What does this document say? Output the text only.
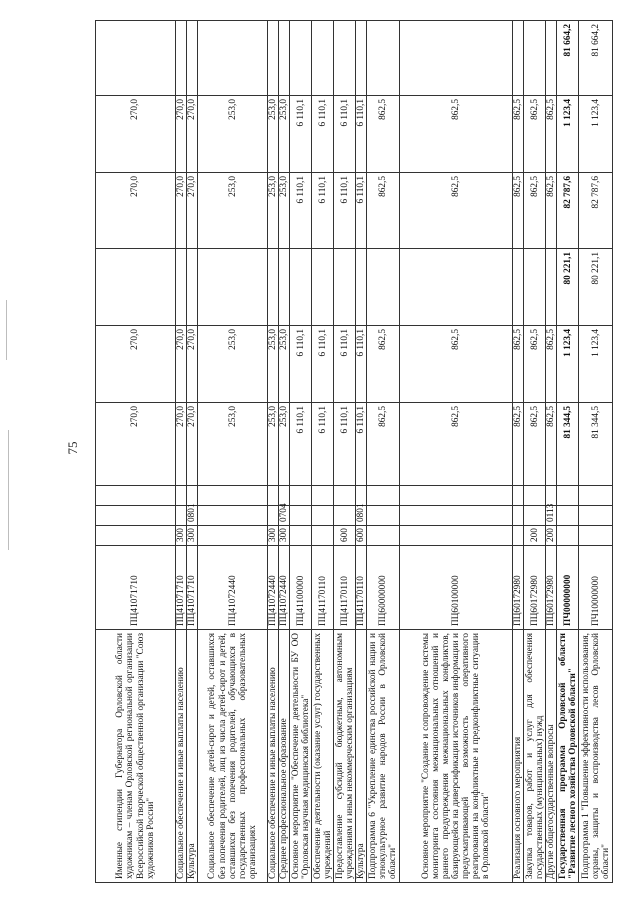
75
Именные стипендии Губернатора Орловской области художникам – членам Орловской региональной организации Всероссийской творческой общественной организации "Союз художников России"	ПЦ41071710				270,0	270,0		270,0	270,0	
Социальное обеспечение и иные выплаты населению	ПЦ41071710	300			270,0	270,0		270,0	270,0	
Культура	ПЦ41071710	300	0801		270,0	270,0		270,0	270,0	
Социальное обеспечение детей-сирот и детей, оставшихся без попечения родителей, лиц из числа детей-сирот и детей, оставшихся без попечения родителей, обучающихся в государственных профессиональных образовательных организациях	ПЦ41072440				253,0	253,0		253,0	253,0	
Социальное обеспечение и иные выплаты населению	ПЦ41072440	300			253,0	253,0		253,0	253,0	
Среднее профессиональное образование	ПЦ41072440	300	0704		253,0	253,0		253,0	253,0	
Основное мероприятие "Обеспечение деятельности БУ ОО "Орловская научная медицинская библиотека"	ПЦ41100000				6 110,1	6 110,1		6 110,1	6 110,1	
Обеспечение деятельности (оказание услуг) государственных учреждений	ПЦ41170110				6 110,1	6 110,1		6 110,1	6 110,1	
Предоставление субсидий бюджетным, автономным учреждениям и иным некоммерческим организациям	ПЦ41170110	600			6 110,1	6 110,1		6 110,1	6 110,1	
Культура	ПЦ41170110	600	0801		6 110,1	6 110,1		6 110,1	6 110,1	
Подпрограмма 6 "Укрепление единства российской нации и этнокультурное развитие народов России в Орловской области"	ПЦ60000000				862,5	862,5		862,5	862,5	
Основное мероприятие "Создание и сопровождение системы мониторинга состояния межнациональных отношений и раннего предупреждения межнациональных конфликтов, базирующейся на диверсификации источников информации и предусматривающей возможность оперативного реагирования на конфликтные и предконфликтные ситуации в Орловской области"	ПЦ60100000				862,5	862,5		862,5	862,5	
Реализация основного мероприятия	ПЦ60172980				862,5	862,5		862,5	862,5	
Закупка товаров, работ и услуг для обеспечения государственных (муниципальных) нужд	ПЦ60172980	200			862,5	862,5		862,5	862,5	
Другие общегосударственные вопросы	ПЦ60172980	200	0113		862,5	862,5		862,5	862,5	
Государственная программа Орловской области "Развитие лесного хозяйства Орловской области"	ПЧ00000000				81 344,5	1 123,4	80 221,1	82 787,6	1 123,4	81 664,2
Подпрограмма 1 "Повышение эффективности использования, охраны, защиты и воспроизводства лесов Орловской области"	ПЧ10000000				81 344,5	1 123,4	80 221,1	82 787,6	1 123,4	81 664,2
